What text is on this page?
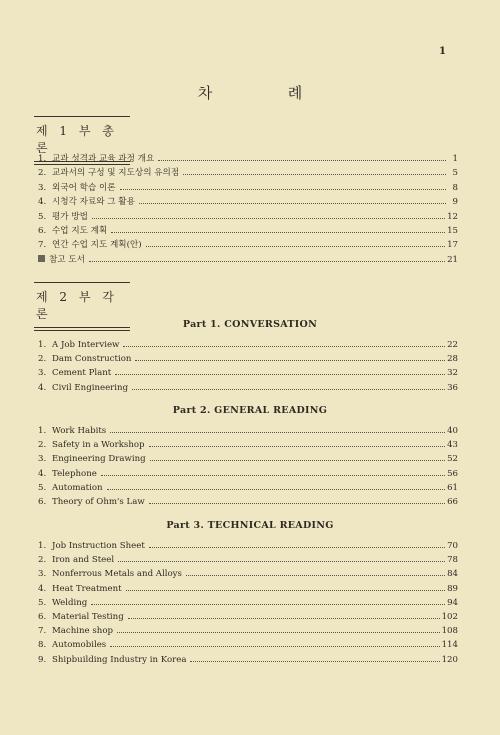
1
차	례
제 1 부 총 론
1. 교과 성격과 교육 과정 개요	1
2. 교과서의 구성 및 지도상의 유의점	5
3. 외국어 학습 이론	8
4. 시청각 자료와 그 활용	9
5. 평가 방법	12
6. 수업 지도 계획	15
7. 연간 수업 지도 계획(안)	17
참고 도서	21
제 2 부 각 론
Part 1. CONVERSATION
1. A Job Interview	22
2. Dam Construction	28
3. Cement Plant	32
4. Civil Engineering	36
Part 2. GENERAL READING
1. Work Habits	40
2. Safety in a Workshop	43
3. Engineering Drawing	52
4. Telephone	56
5. Automation	61
6. Theory of Ohm's Law	66
Part 3. TECHNICAL READING
1. Job Instruction Sheet	70
2. Iron and Steel	78
3. Nonferrous Metals and Alloys	84
4. Heat Treatment	89
5. Welding	94
6. Material Testing	102
7. Machine shop	108
8. Automobiles	114
9. Shipbuilding Industry in Korea	120
